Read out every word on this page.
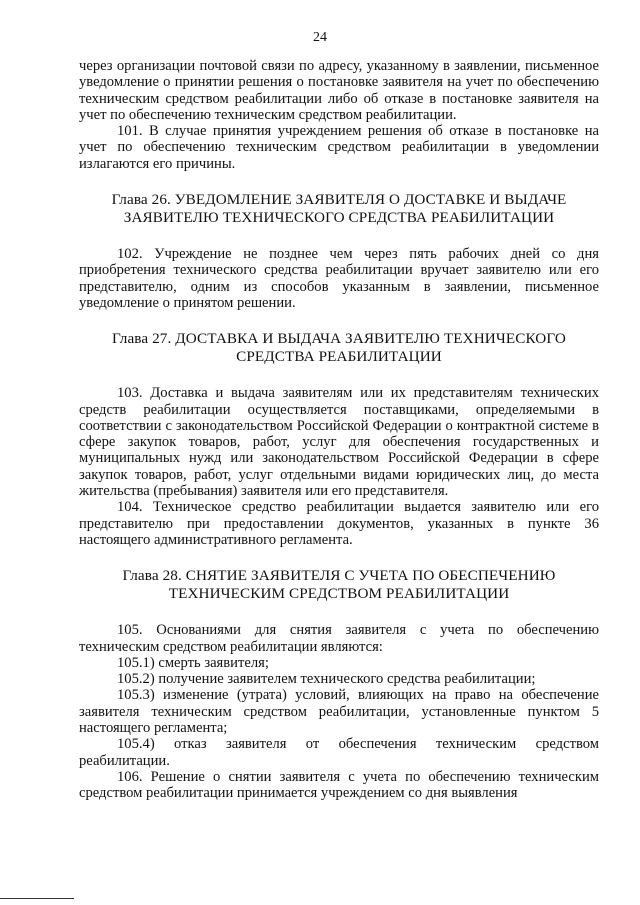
24

через организации почтовой связи по адресу, указанному в заявлении, письменное уведомление о принятии решения о постановке заявителя на учет по обеспечению техническим средством реабилитации либо об отказе в постановке заявителя на учет по обеспечению техническим средством реабилитации.

101. В случае принятия учреждением решения об отказе в постановке на учет по обеспечению техническим средством реабилитации в уведомлении излагаются его причины.

Глава 26. УВЕДОМЛЕНИЕ ЗАЯВИТЕЛЯ О ДОСТАВКЕ И ВЫДАЧЕ
ЗАЯВИТЕЛЮ ТЕХНИЧЕСКОГО СРЕДСТВА РЕАБИЛИТАЦИИ

102. Учреждение не позднее чем через пять рабочих дней со дня приобретения технического средства реабилитации вручает заявителю или его представителю, одним из способов указанным в заявлении, письменное уведомление о принятом решении.

Глава 27. ДОСТАВКА И ВЫДАЧА ЗАЯВИТЕЛЮ ТЕХНИЧЕСКОГО
СРЕДСТВА РЕАБИЛИТАЦИИ

103. Доставка и выдача заявителям или их представителям технических средств реабилитации осуществляется поставщиками, определяемыми в соответствии с законодательством Российской Федерации о контрактной системе в сфере закупок товаров, работ, услуг для обеспечения государственных и муниципальных нужд или законодательством Российской Федерации в сфере закупок товаров, работ, услуг отдельными видами юридических лиц, до места жительства (пребывания) заявителя или его представителя.

104. Техническое средство реабилитации выдается заявителю или его представителю при предоставлении документов, указанных в пункте 36 настоящего административного регламента.

Глава 28. СНЯТИЕ ЗАЯВИТЕЛЯ С УЧЕТА ПО ОБЕСПЕЧЕНИЮ
ТЕХНИЧЕСКИМ СРЕДСТВОМ РЕАБИЛИТАЦИИ

105. Основаниями для снятия заявителя с учета по обеспечению техническим средством реабилитации являются:

105.1) смерть заявителя;

105.2) получение заявителем технического средства реабилитации;

105.3) изменение (утрата) условий, влияющих на право на обеспечение заявителя техническим средством реабилитации, установленные пунктом 5 настоящего регламента;

105.4) отказ заявителя от обеспечения техническим средством реабилитации.

106. Решение о снятии заявителя с учета по обеспечению техническим средством реабилитации принимается учреждением со дня выявления
